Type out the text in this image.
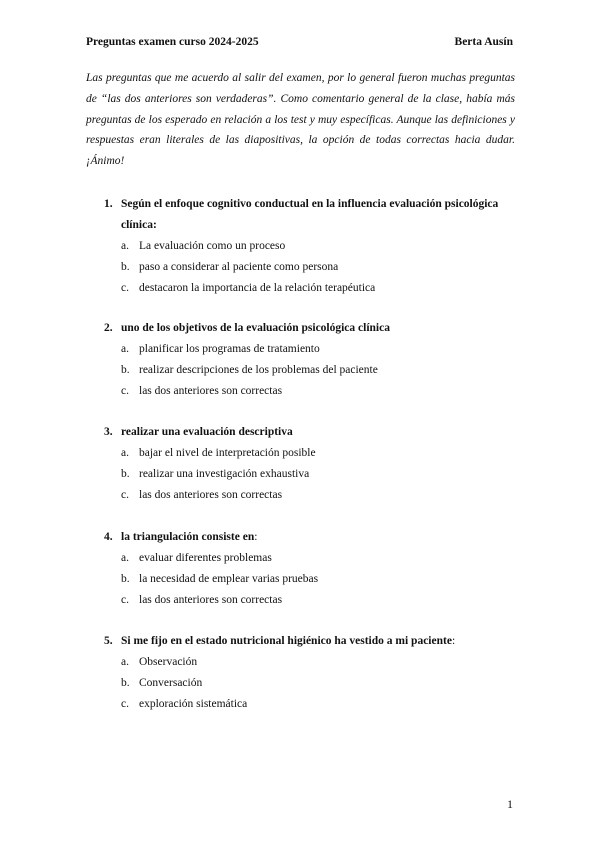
Preguntas examen curso 2024-2025	Berta Ausín
Las preguntas que me acuerdo al salir del examen, por lo general fueron muchas preguntas de “las dos anteriores son verdaderas”. Como comentario general de la clase, había más preguntas de los esperado en relación a los test y muy específicas. Aunque las definiciones y respuestas eran literales de las diapositivas, la opción de todas correctas hacia dudar. ¡Ánimo!
1. Según el enfoque cognitivo conductual en la influencia evaluación psicológica clínica:
a. La evaluación como un proceso
b. paso a considerar al paciente como persona
c. destacaron la importancia de la relación terapéutica
2. uno de los objetivos de la evaluación psicológica clínica
a. planificar los programas de tratamiento
b. realizar descripciones de los problemas del paciente
c. las dos anteriores son correctas
3. realizar una evaluación descriptiva
a. bajar el nivel de interpretación posible
b. realizar una investigación exhaustiva
c. las dos anteriores son correctas
4. la triangulación consiste en:
a. evaluar diferentes problemas
b. la necesidad de emplear varias pruebas
c. las dos anteriores son correctas
5. Si me fijo en el estado nutricional higiénico ha vestido a mi paciente:
a. Observación
b. Conversación
c. exploración sistemática
1
